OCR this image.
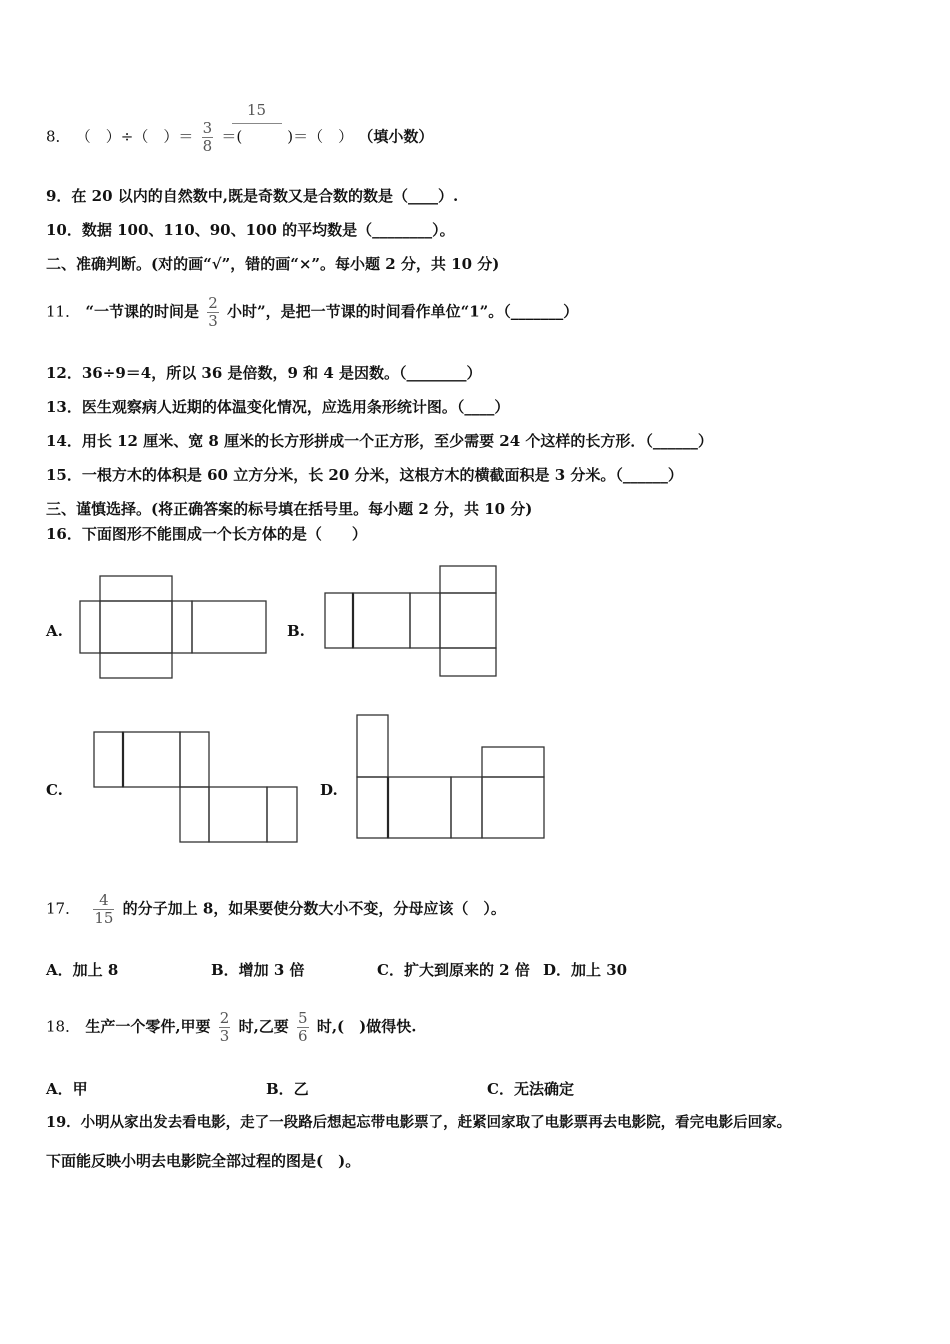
15
8． （　）÷（　）＝ $\frac{3}{8}$ ＝(　　　)＝（　） （填小数）
9．在 20 以内的自然数中,既是奇数又是合数的数是（____）.
10．数据 100、110、90、100 的平均数是（________）。
二、准确判断。(对的画“√”，错的画“×”。每小题 2 分，共 10 分)
11． “一节课的时间是 $\frac{2}{3}$ 小时”，是把一节课的时间看作单位“1”。（_______）
12．36÷9＝4，所以 36 是倍数，9 和 4 是因数。（________）
13．医生观察病人近期的体温变化情况，应选用条形统计图。（____）
14．用长 12 厘米、宽 8 厘米的长方形拼成一个正方形，至少需要 24 个这样的长方形．（______）
15．一根方木的体积是 60 立方分米，长 20 分米，这根方木的横截面积是 3 分米。（______）
三、谨慎选择。(将正确答案的标号填在括号里。每小题 2 分，共 10 分)
16．下面图形不能围成一个长方体的是（　　）
A.	B.
C.	D.
17． $\frac{4}{15}$ 的分子加上 8，如果要使分数大小不变，分母应该（　）。
A．加上 8	B．增加 3 倍	C．扩大到原来的 2 倍 D．加上 30
18． 生产一个零件,甲要 $\frac{2}{3}$ 时,乙要 $\frac{5}{6}$ 时,(　)做得快.
A．甲	B．乙	C．无法确定
19．小明从家出发去看电影，走了一段路后想起忘带电影票了，赶紧回家取了电影票再去电影院，看完电影后回家。
下面能反映小明去电影院全部过程的图是(　)。
